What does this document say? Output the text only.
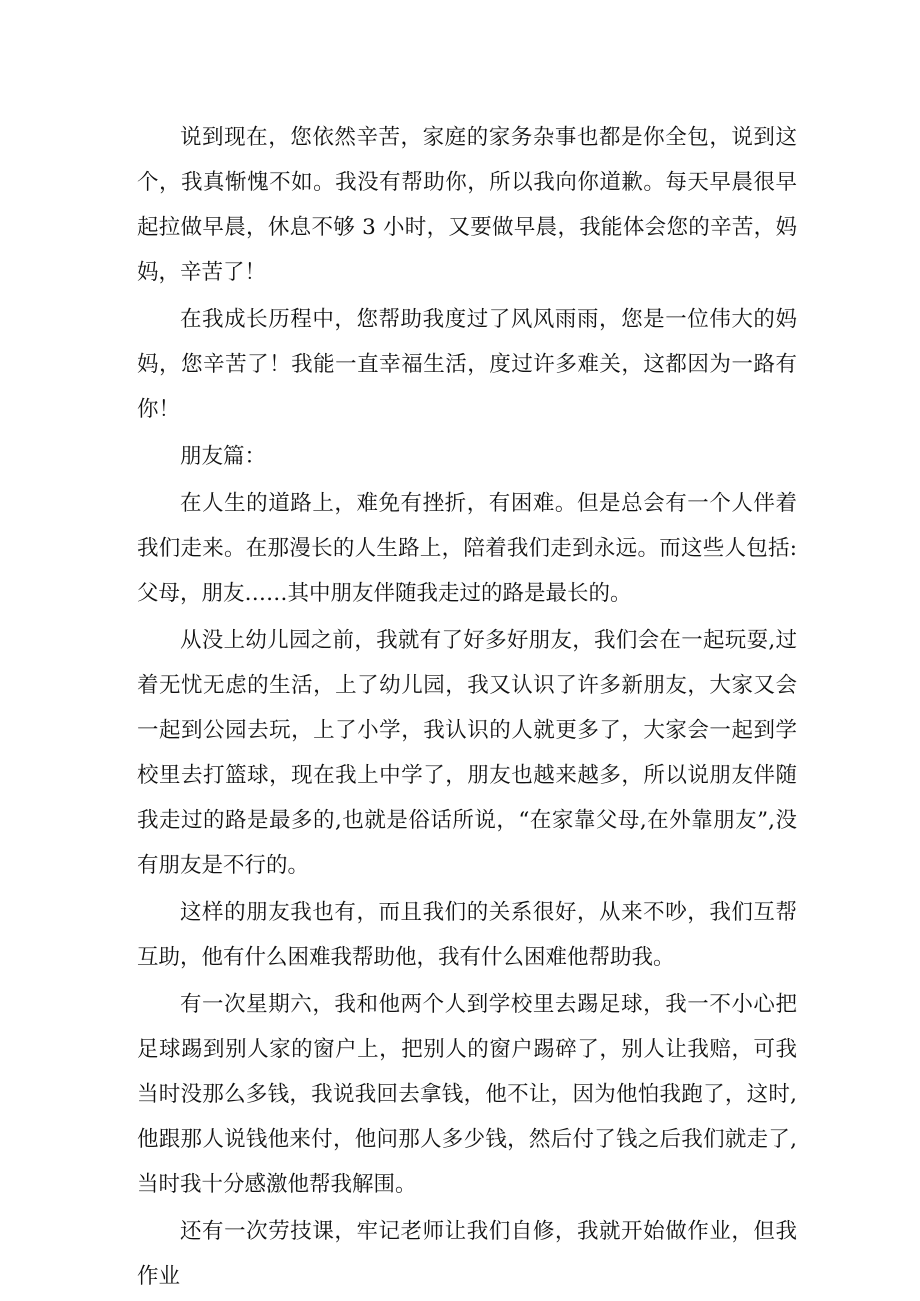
说到现在，您依然辛苦，家庭的家务杂事也都是你全包，说到这个，我真惭愧不如。我没有帮助你，所以我向你道歉。每天早晨很早起拉做早晨，休息不够 3 小时，又要做早晨，我能体会您的辛苦，妈妈，辛苦了！

在我成长历程中，您帮助我度过了风风雨雨，您是一位伟大的妈妈，您辛苦了！我能一直幸福生活，度过许多难关，这都因为一路有你！

朋友篇：

在人生的道路上，难免有挫折，有困难。但是总会有一个人伴着我们走来。在那漫长的人生路上，陪着我们走到永远。而这些人包括:父母，朋友……其中朋友伴随我走过的路是最长的。

从没上幼儿园之前，我就有了好多好朋友，我们会在一起玩耍,过着无忧无虑的生活，上了幼儿园，我又认识了许多新朋友，大家又会一起到公园去玩，上了小学，我认识的人就更多了，大家会一起到学校里去打篮球，现在我上中学了，朋友也越来越多，所以说朋友伴随我走过的路是最多的,也就是俗话所说，“在家靠父母,在外靠朋友”,没有朋友是不行的。

这样的朋友我也有，而且我们的关系很好，从来不吵，我们互帮互助，他有什么困难我帮助他，我有什么困难他帮助我。

有一次星期六，我和他两个人到学校里去踢足球，我一不小心把足球踢到别人家的窗户上，把别人的窗户踢碎了，别人让我赔，可我当时没那么多钱，我说我回去拿钱，他不让，因为他怕我跑了，这时,他跟那人说钱他来付，他问那人多少钱，然后付了钱之后我们就走了,当时我十分感激他帮我解围。

还有一次劳技课，牢记老师让我们自修，我就开始做作业，但我作业
